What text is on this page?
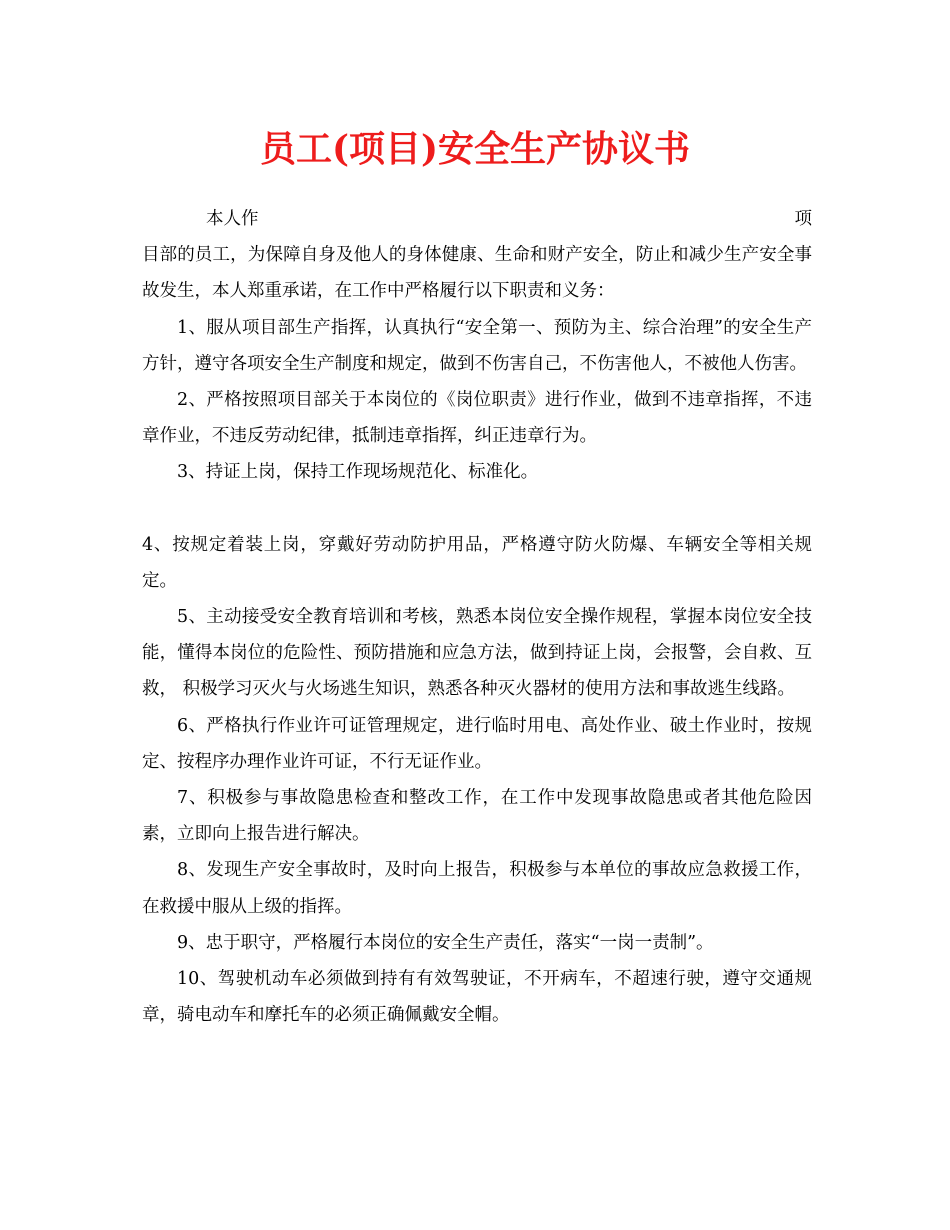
员工(项目)安全生产协议书
本人作	项

目部的员工，为保障自身及他人的身体健康、生命和财产安全，防止和减少生产安全事故发生，本人郑重承诺，在工作中严格履行以下职责和义务：

1、服从项目部生产指挥，认真执行“安全第一、预防为主、综合治理”的安全生产方针，遵守各项安全生产制度和规定，做到不伤害自己，不伤害他人，不被他人伤害。

2、严格按照项目部关于本岗位的《岗位职责》进行作业，做到不违章指挥，不违章作业，不违反劳动纪律，抵制违章指挥，纠正违章行为。

3、持证上岗，保持工作现场规范化、标准化。

4、按规定着装上岗，穿戴好劳动防护用品，严格遵守防火防爆、车辆安全等相关规定。

5、主动接受安全教育培训和考核，熟悉本岗位安全操作规程，掌握本岗位安全技能，懂得本岗位的危险性、预防措施和应急方法，做到持证上岗，会报警，会自救、互救， 积极学习灭火与火场逃生知识，熟悉各种灭火器材的使用方法和事故逃生线路。

6、严格执行作业许可证管理规定，进行临时用电、高处作业、破土作业时，按规定、按程序办理作业许可证，不行无证作业。

7、积极参与事故隐患检查和整改工作，在工作中发现事故隐患或者其他危险因素，立即向上报告进行解决。

8、发现生产安全事故时，及时向上报告，积极参与本单位的事故应急救援工作，在救援中服从上级的指挥。

9、忠于职守，严格履行本岗位的安全生产责任，落实“一岗一责制”。

10、驾驶机动车必须做到持有有效驾驶证，不开病车，不超速行驶，遵守交通规章，骑电动车和摩托车的必须正确佩戴安全帽。
